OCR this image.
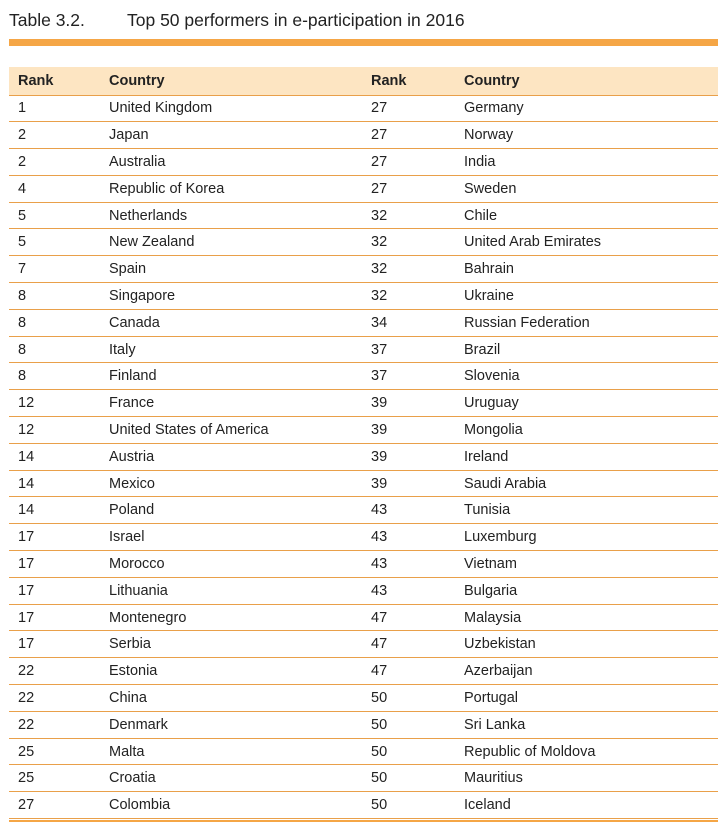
Table 3.2. Top 50 performers in e-participation in 2016
Rank	Country	Rank	Country
1	United Kingdom	27	Germany
2	Japan	27	Norway
2	Australia	27	India
4	Republic of Korea	27	Sweden
5	Netherlands	32	Chile
5	New Zealand	32	United Arab Emirates
7	Spain	32	Bahrain
8	Singapore	32	Ukraine
8	Canada	34	Russian Federation
8	Italy	37	Brazil
8	Finland	37	Slovenia
12	France	39	Uruguay
12	United States of America	39	Mongolia
14	Austria	39	Ireland
14	Mexico	39	Saudi Arabia
14	Poland	43	Tunisia
17	Israel	43	Luxemburg
17	Morocco	43	Vietnam
17	Lithuania	43	Bulgaria
17	Montenegro	47	Malaysia
17	Serbia	47	Uzbekistan
22	Estonia	47	Azerbaijan
22	China	50	Portugal
22	Denmark	50	Sri Lanka
25	Malta	50	Republic of Moldova
25	Croatia	50	Mauritius
27	Colombia	50	Iceland
